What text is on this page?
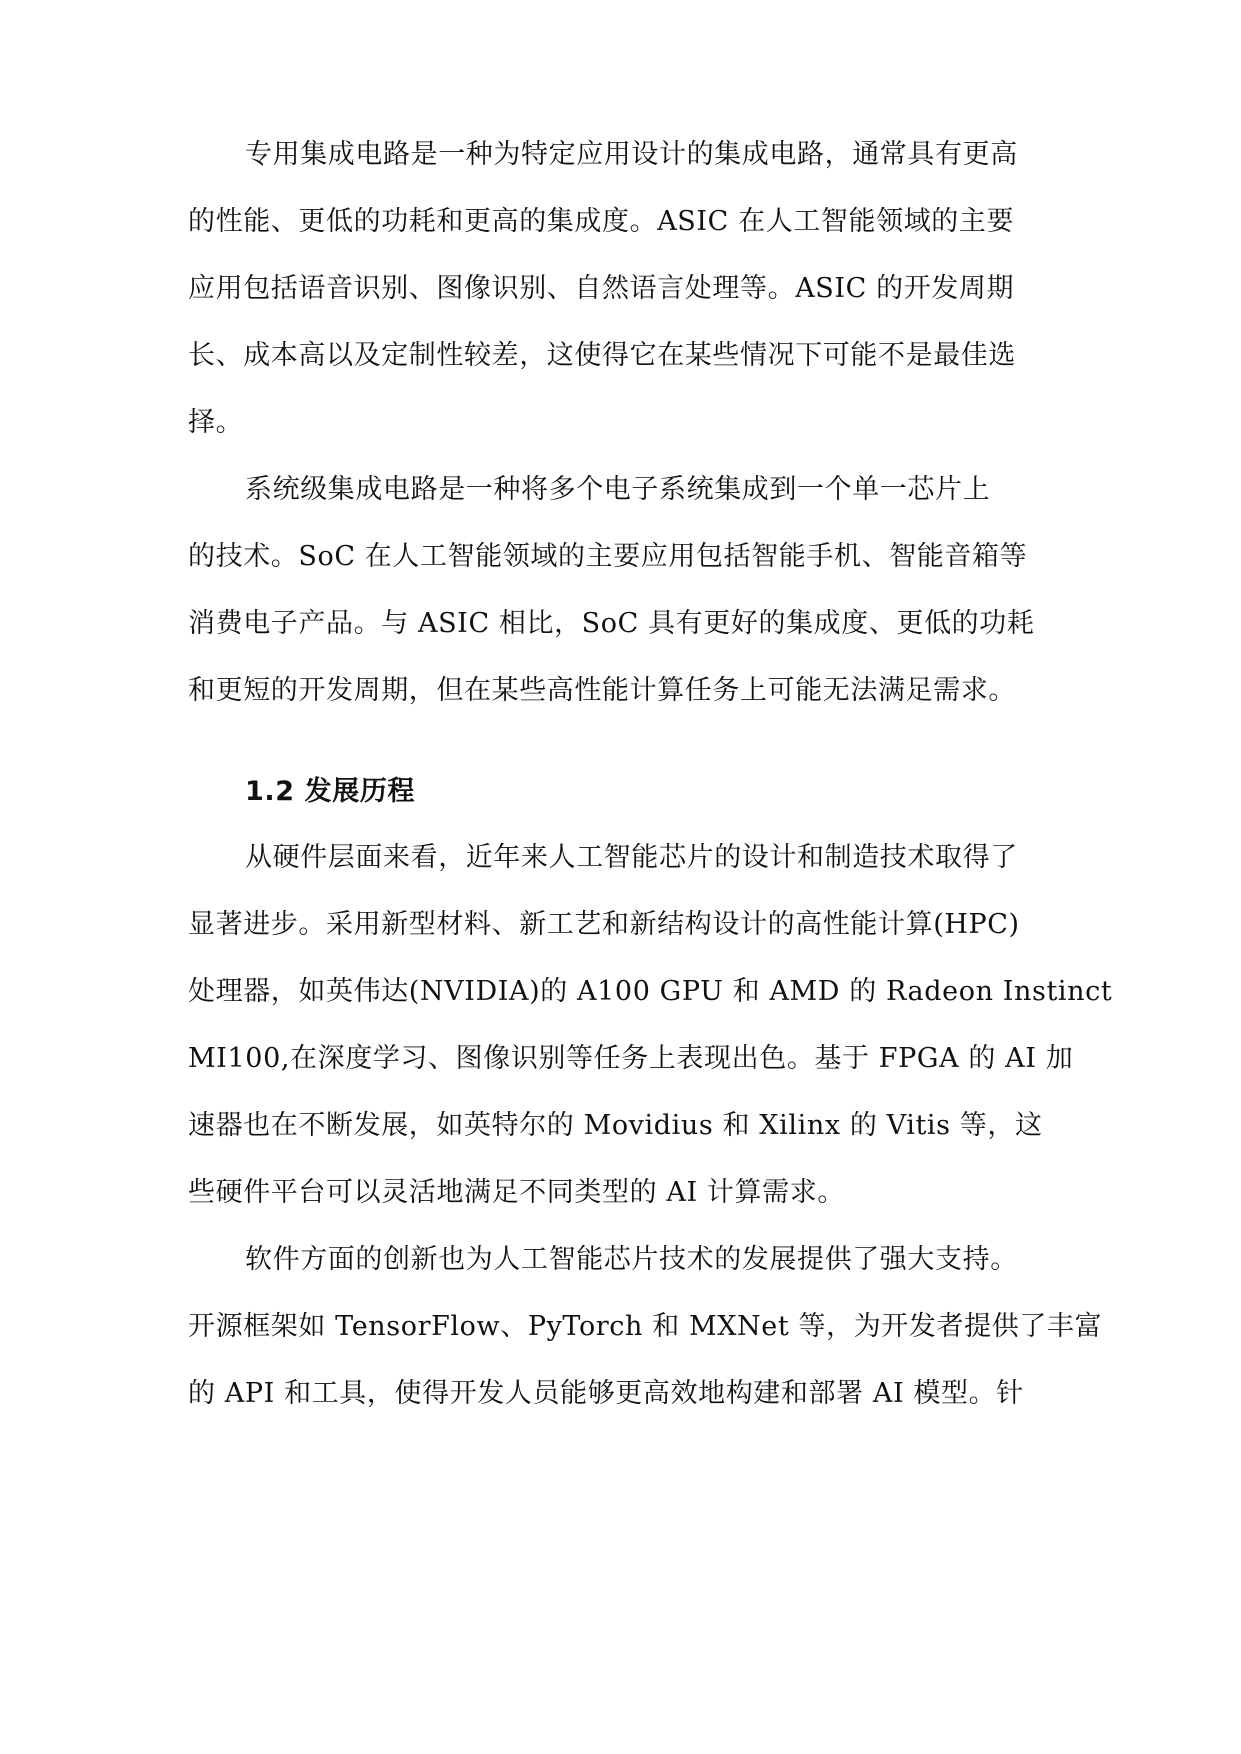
专用集成电路是一种为特定应用设计的集成电路，通常具有更高
的性能、更低的功耗和更高的集成度。ASIC 在人工智能领域的主要
应用包括语音识别、图像识别、自然语言处理等。ASIC 的开发周期
长、成本高以及定制性较差，这使得它在某些情况下可能不是最佳选
择。
系统级集成电路是一种将多个电子系统集成到一个单一芯片上
的技术。SoC 在人工智能领域的主要应用包括智能手机、智能音箱等
消费电子产品。与 ASIC 相比，SoC 具有更好的集成度、更低的功耗
和更短的开发周期，但在某些高性能计算任务上可能无法满足需求。
1.2 发展历程
从硬件层面来看，近年来人工智能芯片的设计和制造技术取得了
显著进步。采用新型材料、新工艺和新结构设计的高性能计算(HPC)
处理器，如英伟达(NVIDIA)的 A100 GPU 和 AMD 的 Radeon Instinct
MI100,在深度学习、图像识别等任务上表现出色。基于 FPGA 的 AI 加
速器也在不断发展，如英特尔的 Movidius 和 Xilinx 的 Vitis 等，这
些硬件平台可以灵活地满足不同类型的 AI 计算需求。
软件方面的创新也为人工智能芯片技术的发展提供了强大支持。
开源框架如 TensorFlow、PyTorch 和 MXNet 等，为开发者提供了丰富
的 API 和工具，使得开发人员能够更高效地构建和部署 AI 模型。针
